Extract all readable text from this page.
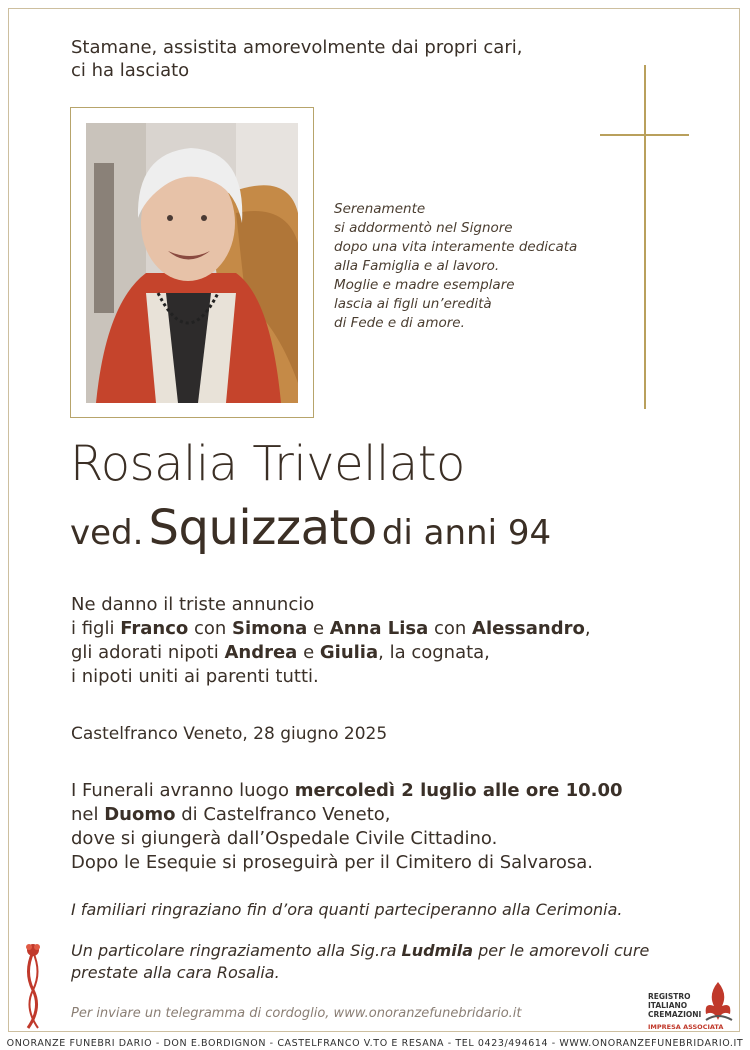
Stamane, assistita amorevolmente dai propri cari,
ci ha lasciato
Serenamente
si addormentò nel Signore
dopo una vita interamente dedicata
alla Famiglia e al lavoro.
Moglie e madre esemplare
lascia ai figli un’eredità
di Fede e di amore.
Rosalia Trivellato
ved. Squizzato di anni 94
Ne danno il triste annuncio
i figli Franco con Simona e Anna Lisa con Alessandro,
gli adorati nipoti Andrea e Giulia, la cognata,
i nipoti uniti ai parenti tutti.
Castelfranco Veneto, 28 giugno 2025
I Funerali avranno luogo mercoledì 2 luglio alle ore 10.00
nel Duomo di Castelfranco Veneto,
dove si giungerà dall’Ospedale Civile Cittadino.
Dopo le Esequie si proseguirà per il Cimitero di Salvarosa.
I familiari ringraziano fin d’ora quanti parteciperanno alla Cerimonia.
Un particolare ringraziamento alla Sig.ra Ludmila per le amorevoli cure
prestate alla cara Rosalia.
Per inviare un telegramma di cordoglio, www.onoranzefunebridario.it
REGISTRO
ITALIANO
CREMAZIONI
IMPRESA ASSOCIATA
ONORANZE FUNEBRI DARIO - DON E.BORDIGNON - CASTELFRANCO V.TO E RESANA - TEL 0423/494614 - WWW.ONORANZEFUNEBRIDARIO.IT
